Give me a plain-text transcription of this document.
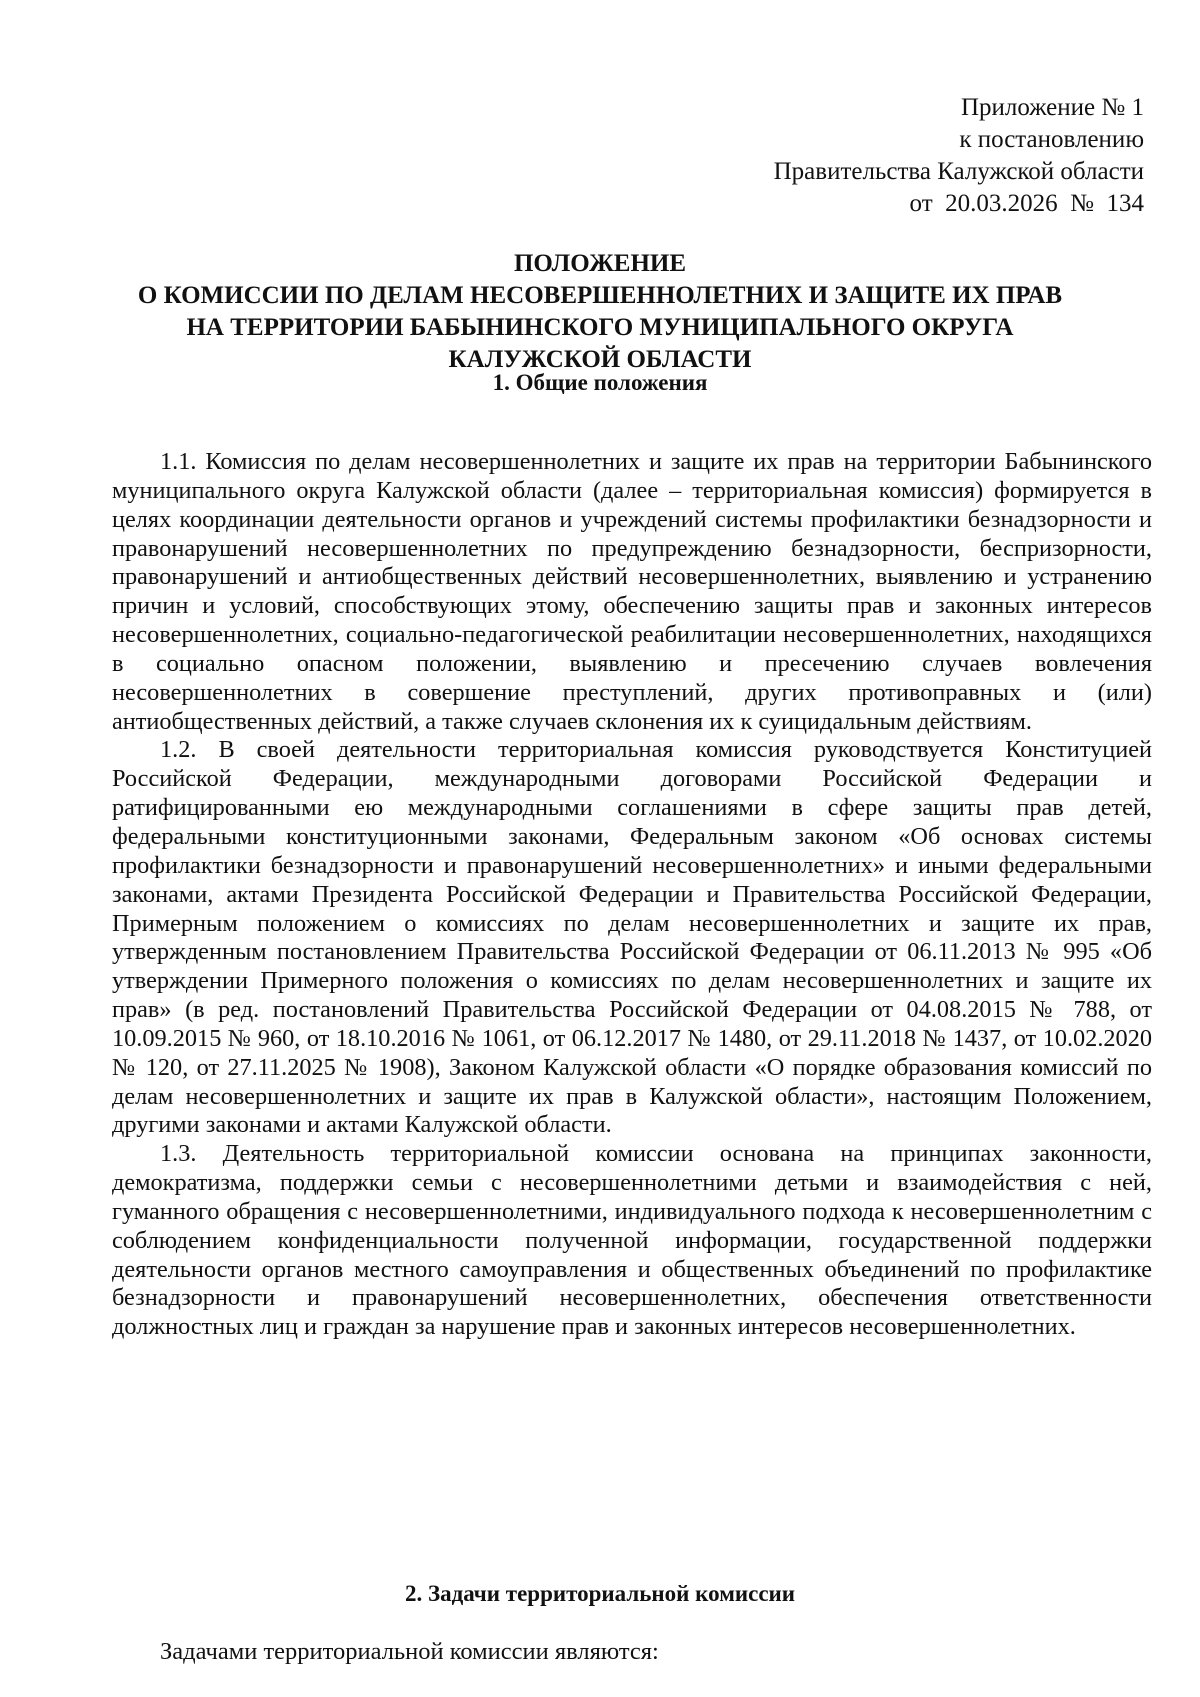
Приложение № 1
к постановлению
Правительства Калужской области
от  20.03.2026  №  134
ПОЛОЖЕНИЕ
О КОМИССИИ ПО ДЕЛАМ НЕСОВЕРШЕННОЛЕТНИХ И ЗАЩИТЕ ИХ ПРАВ
НА ТЕРРИТОРИИ БАБЫНИНСКОГО МУНИЦИПАЛЬНОГО ОКРУГА
КАЛУЖСКОЙ ОБЛАСТИ
1. Общие положения

1.1. Комиссия по делам несовершеннолетних и защите их прав на территории Бабынинского муниципального округа Калужской области (далее – территориальная комиссия) формируется в целях координации деятельности органов и учреждений системы профилактики безнадзорности и правонарушений несовершеннолетних по предупреждению безнадзорности, беспризорности, правонарушений и антиобщественных действий несовершеннолетних, выявлению и устранению причин и условий, способствующих этому, обеспечению защиты прав и законных интересов несовершеннолетних, социально-педагогической реабилитации несовершеннолетних, находящихся в социально опасном положении, выявлению и пресечению случаев вовлечения несовершеннолетних в совершение преступлений, других противоправных и (или) антиобщественных действий, а также случаев склонения их к суицидальным действиям.

1.2. В своей деятельности территориальная комиссия руководствуется Конституцией Российской Федерации, международными договорами Российской Федерации и ратифицированными ею международными соглашениями в сфере защиты прав детей, федеральными конституционными законами, Федеральным законом «Об основах системы профилактики безнадзорности и правонарушений несовершеннолетних» и иными федеральными законами, актами Президента Российской Федерации и Правительства Российской Федерации, Примерным положением о комиссиях по делам несовершеннолетних и защите их прав, утвержденным постановлением Правительства Российской Федерации от 06.11.2013 № 995 «Об утверждении Примерного положения о комиссиях по делам несовершеннолетних и защите их прав» (в ред. постановлений Правительства Российской Федерации от 04.08.2015 № 788, от 10.09.2015 № 960, от 18.10.2016 № 1061, от 06.12.2017 № 1480, от 29.11.2018 № 1437, от 10.02.2020 № 120, от 27.11.2025 № 1908), Законом Калужской области «О порядке образования комиссий по делам несовершеннолетних и защите их прав в Калужской области», настоящим Положением, другими законами и актами Калужской области.

1.3. Деятельность территориальной комиссии основана на принципах законности, демократизма, поддержки семьи с несовершеннолетними детьми и взаимодействия с ней, гуманного обращения с несовершеннолетними, индивидуального подхода к несовершеннолетним с соблюдением конфиденциальности полученной информации, государственной поддержки деятельности органов местного самоуправления и общественных объединений по профилактике безнадзорности и правонарушений несовершеннолетних, обеспечения ответственности должностных лиц и граждан за нарушение прав и законных интересов несовершеннолетних.

2. Задачи территориальной комиссии
Задачами территориальной комиссии являются:
